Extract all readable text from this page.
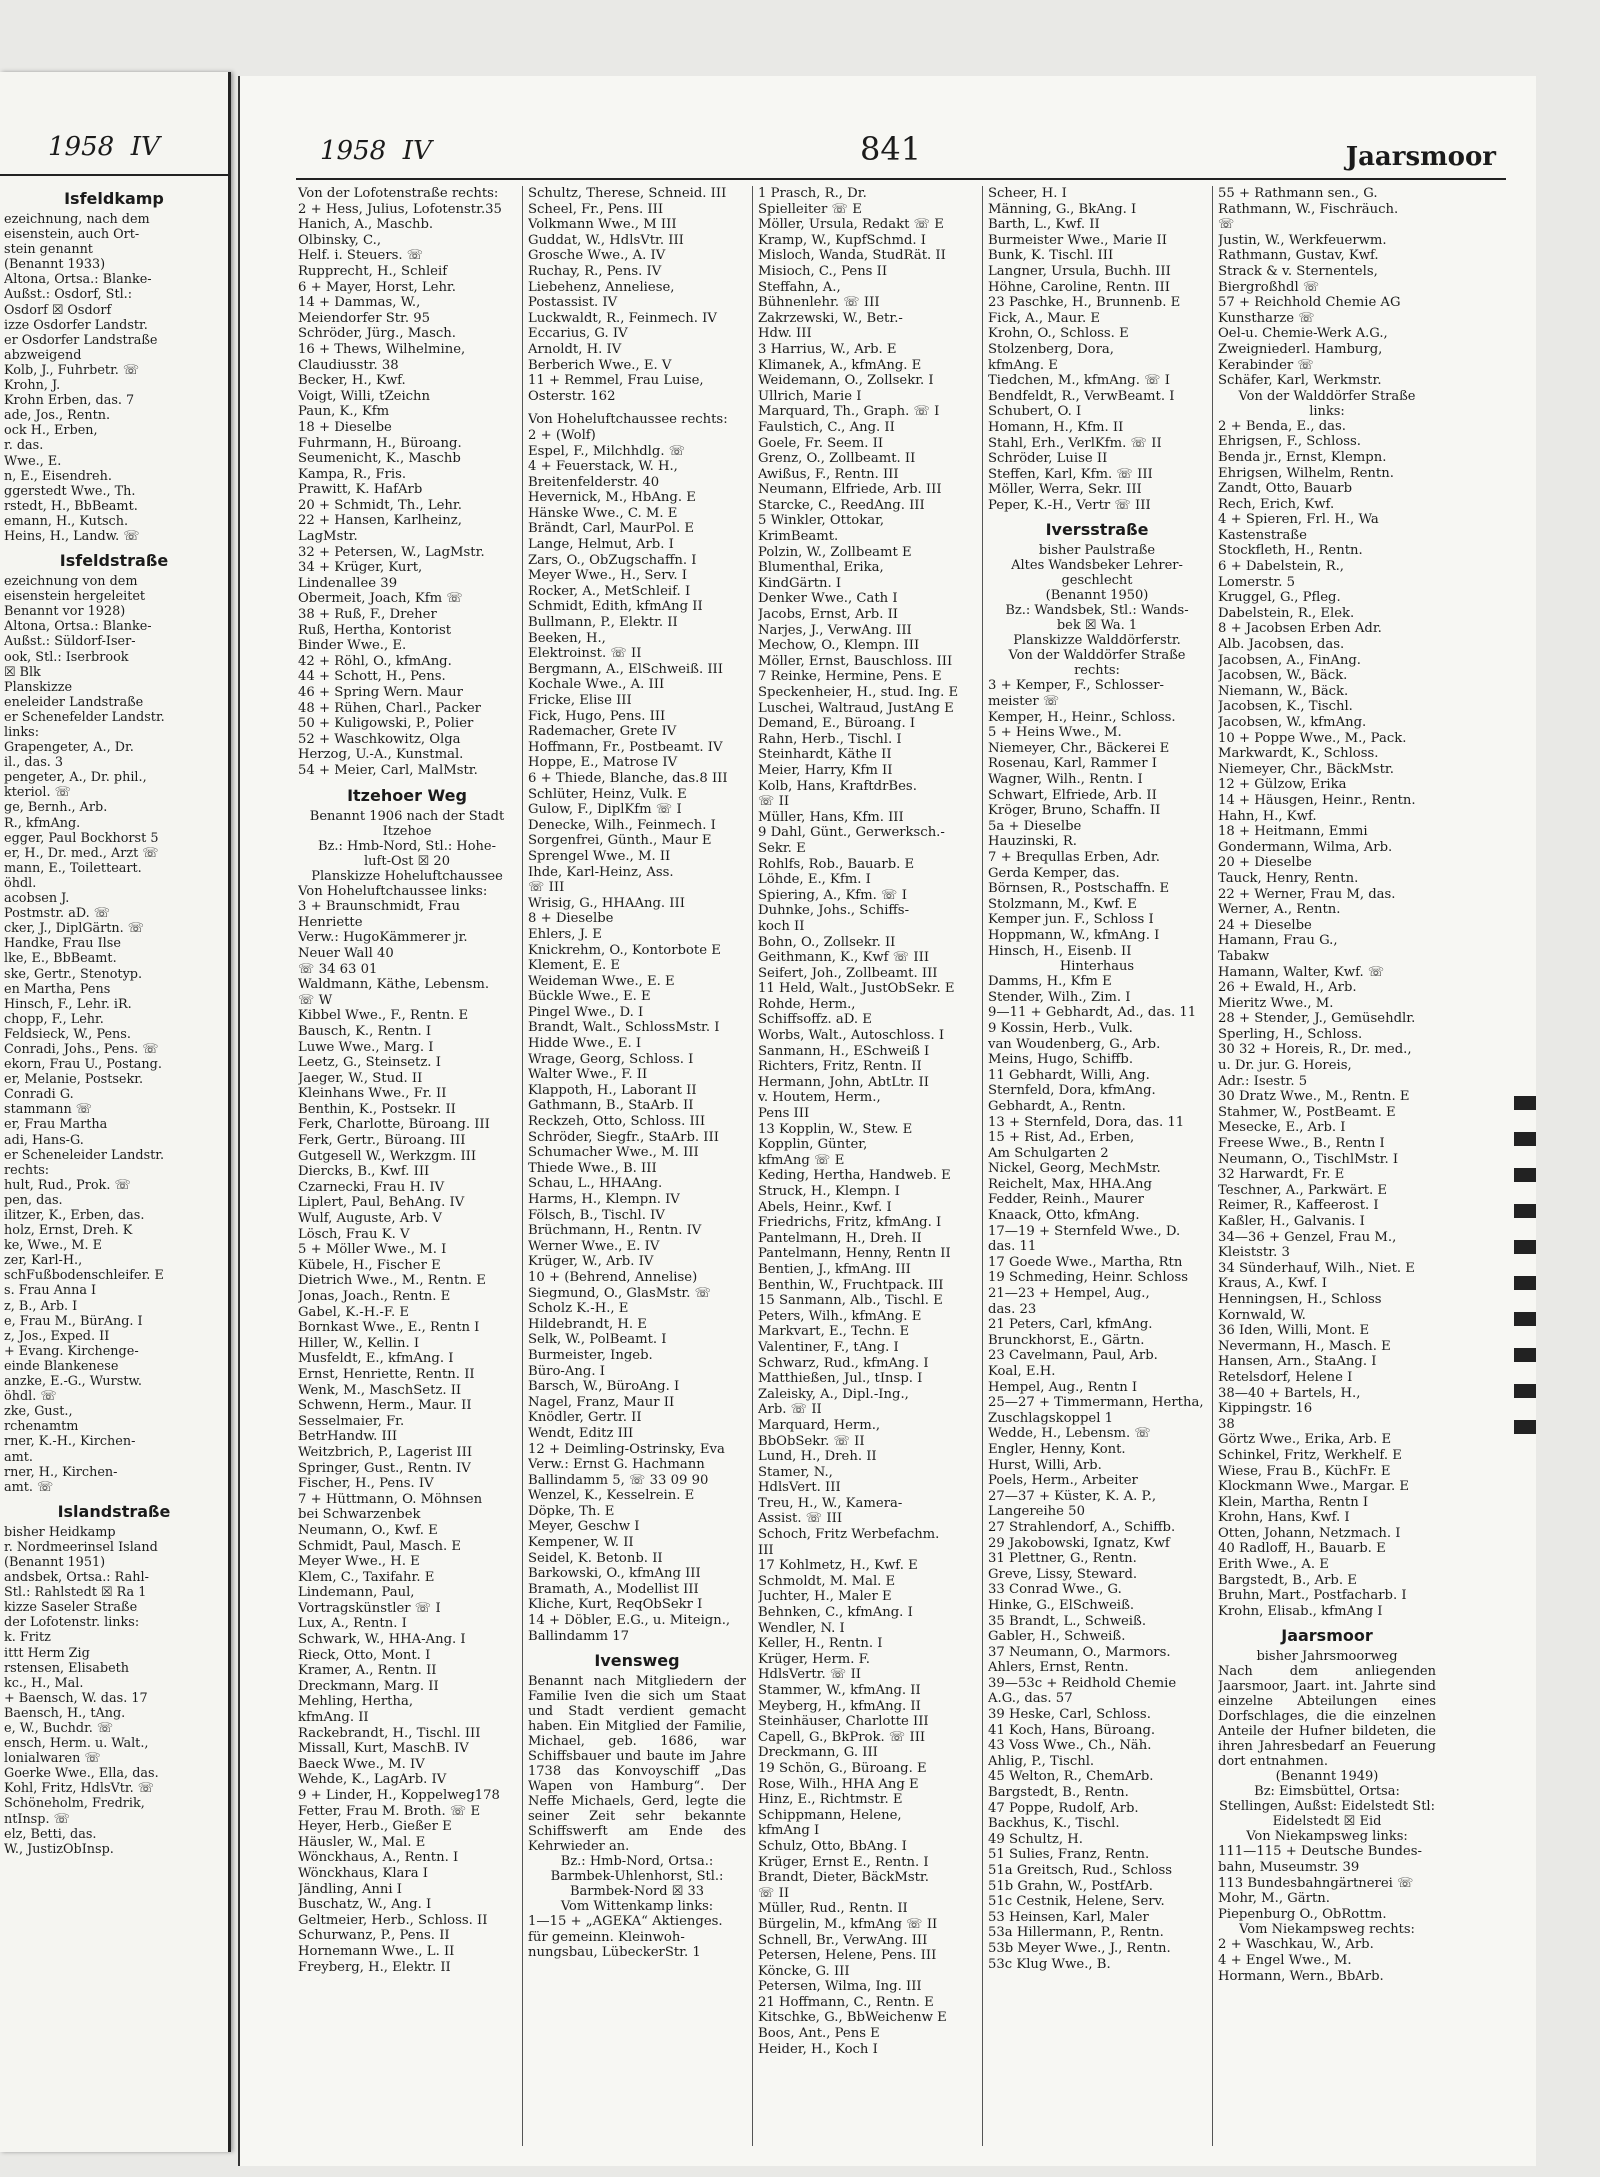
1958 IV
Isfeldkamp
ezeichnung, nach dem
eisenstein, auch Ort-
stein genannt
(Benannt 1933)
Altona, Ortsa.: Blanke-
Außst.: Osdorf, Stl.:
Osdorf ☒ Osdorf
izze Osdorfer Landstr.
er Osdorfer Landstraße
abzweigend
Kolb, J., Fuhrbetr. ☏
Krohn, J.
Krohn Erben, das. 7
ade, Jos., Rentn.
ock H., Erben,
r. das.
Wwe., E.
n, E., Eisendreh.
ggerstedt Wwe., Th.
rstedt, H., BbBeamt.
emann, H., Kutsch.
Heins, H., Landw. ☏
Isfeldstraße
ezeichnung von dem
eisenstein hergeleitet
Benannt vor 1928)
Altona, Ortsa.: Blanke-
Außst.: Süldorf-Iser-
ook, Stl.: Iserbrook
☒ Blk
Planskizze
eneleider Landstraße
er Schenefelder Landstr.
links:
Grapengeter, A., Dr.
il., das. 3
pengeter, A., Dr. phil.,
kteriol. ☏
ge, Bernh., Arb.
R., kfmAng.
egger, Paul Bockhorst 5
er, H., Dr. med., Arzt ☏
mann, E., Toiletteart.
öhdl.
acobsen J.
Postmstr. aD. ☏
cker, J., DiplGärtn. ☏
Handke, Frau Ilse
lke, E., BbBeamt.
ske, Gertr., Stenotyp.
en Martha, Pens
Hinsch, F., Lehr. iR.
chopp, F., Lehr.
Feldsieck, W., Pens.
Conradi, Johs., Pens. ☏
ekorn, Frau U., Postang.
er, Melanie, Postsekr.
Conradi G.
stammann ☏
er, Frau Martha
adi, Hans-G.
er Scheneleider Landstr.
rechts:
hult, Rud., Prok. ☏
pen, das.
ilitzer, K., Erben, das.
holz, Ernst, Dreh. K
ke, Wwe., M. E
zer, Karl-H.,
schFußbodenschleifer. E
s. Frau Anna I
z, B., Arb. I
e, Frau M., BürAng. I
z, Jos., Exped. II
+ Evang. Kirchenge-
einde Blankenese
anzke, E.-G., Wurstw.
öhdl. ☏
zke, Gust.,
rchenamtm
rner, K.-H., Kirchen-
amt.
rner, H., Kirchen-
amt. ☏
Islandstraße
bisher Heidkamp
r. Nordmeerinsel Island
(Benannt 1951)
andsbek, Ortsa.: Rahl-
Stl.: Rahlstedt ☒ Ra 1
kizze Saseler Straße
der Lofotenstr. links:
k. Fritz
ittt Herm Zig
rstensen, Elisabeth
kc., H., Mal.
+ Baensch, W. das. 17
Baensch, H., tAng.
e, W., Buchdr. ☏
ensch, Herm. u. Walt.,
lonialwaren ☏
Goerke Wwe., Ella, das.
Kohl, Fritz, HdlsVtr. ☏
Schöneholm, Fredrik,
ntInsp. ☏
elz, Betti, das.
W., JustizObInsp.
1958 IV	841	Jaarsmoor
Von der Lofotenstraße rechts:
2 + Hess, Julius, Lofotenstr.35
Hanich, A., Maschb.
Olbinsky, C.,
Helf. i. Steuers. ☏
Rupprecht, H., Schleif
6 + Mayer, Horst, Lehr.
14 + Dammas, W.,
Meiendorfer Str. 95
Schröder, Jürg., Masch.
16 + Thews, Wilhelmine,
Claudiusstr. 38
Becker, H., Kwf.
Voigt, Willi, tZeichn
Paun, K., Kfm
18 + Dieselbe
Fuhrmann, H., Büroang.
Seumenicht, K., Maschb
Kampa, R., Fris.
Prawitt, K. HafArb
20 + Schmidt, Th., Lehr.
22 + Hansen, Karlheinz,
LagMstr.
32 + Petersen, W., LagMstr.
34 + Krüger, Kurt,
Lindenallee 39
Obermeit, Joach, Kfm ☏
38 + Ruß, F., Dreher
Ruß, Hertha, Kontorist
Binder Wwe., E.
42 + Röhl, O., kfmAng.
44 + Schott, H., Pens.
46 + Spring Wern. Maur
48 + Rühen, Charl., Packer
50 + Kuligowski, P., Polier
52 + Waschkowitz, Olga
Herzog, U.-A., Kunstmal.
54 + Meier, Carl, MalMstr.
Itzehoer Weg
Benannt 1906 nach der Stadt
Itzehoe
Bz.: Hmb-Nord, Stl.: Hohe-
luft-Ost ☒ 20
Planskizze Hoheluftchaussee
Von Hoheluftchaussee links:
3 + Braunschmidt, Frau
Henriette
Verw.: HugoKämmerer jr.
Neuer Wall 40
☏ 34 63 01
Waldmann, Käthe, Lebensm.
☏ W
Kibbel Wwe., F., Rentn. E
Bausch, K., Rentn. I
Luwe Wwe., Marg. I
Leetz, G., Steinsetz. I
Jaeger, W., Stud. II
Kleinhans Wwe., Fr. II
Benthin, K., Postsekr. II
Ferk, Charlotte, Büroang. III
Ferk, Gertr., Büroang. III
Gutgesell W., Werkzgm. III
Diercks, B., Kwf. III
Czarnecki, Frau H. IV
Liplert, Paul, BehAng. IV
Wulf, Auguste, Arb. V
Lösch, Frau K. V
5 + Möller Wwe., M. I
Kübele, H., Fischer E
Dietrich Wwe., M., Rentn. E
Jonas, Joach., Rentn. E
Gabel, K.-H.-F. E
Bornkast Wwe., E., Rentn I
Hiller, W., Kellin. I
Musfeldt, E., kfmAng. I
Ernst, Henriette, Rentn. II
Wenk, M., MaschSetz. II
Schwenn, Herm., Maur. II
Sesselmaier, Fr.
BetrHandw. III
Weitzbrich, P., Lagerist III
Springer, Gust., Rentn. IV
Fischer, H., Pens. IV
7 + Hüttmann, O. Möhnsen
bei Schwarzenbek
Neumann, O., Kwf. E
Schmidt, Paul, Masch. E
Meyer Wwe., H. E
Klem, C., Taxifahr. E
Lindemann, Paul,
Vortragskünstler ☏ I
Lux, A., Rentn. I
Schwark, W., HHA-Ang. I
Rieck, Otto, Mont. I
Kramer, A., Rentn. II
Dreckmann, Marg. II
Mehling, Hertha,
kfmAng. II
Rackebrandt, H., Tischl. III
Missall, Kurt, MaschB. IV
Baeck Wwe., M. IV
Wehde, K., LagArb. IV
9 + Linder, H., Koppelweg178
Fetter, Frau M. Broth. ☏ E
Heyer, Herb., Gießer E
Häusler, W., Mal. E
Wönckhaus, A., Rentn. I
Wönckhaus, Klara I
Jändling, Anni I
Buschatz, W., Ang. I
Geltmeier, Herb., Schloss. II
Schurwanz, P., Pens. II
Hornemann Wwe., L. II
Freyberg, H., Elektr. II
Schultz, Therese, Schneid. III
Scheel, Fr., Pens. III
Volkmann Wwe., M III
Guddat, W., HdlsVtr. III
Grosche Wwe., A. IV
Ruchay, R., Pens. IV
Liebehenz, Anneliese,
Postassist. IV
Luckwaldt, R., Feinmech. IV
Eccarius, G. IV
Arnoldt, H. IV
Berberich Wwe., E. V
11 + Remmel, Frau Luise,
Osterstr. 162
Von Hoheluftchaussee rechts:
2 + (Wolf)
Espel, F., Milchhdlg. ☏
4 + Feuerstack, W. H.,
Breitenfelderstr. 40
Hevernick, M., HbAng. E
Hänske Wwe., C. M. E
Brändt, Carl, MaurPol. E
Lange, Helmut, Arb. I
Zars, O., ObZugschaffn. I
Meyer Wwe., H., Serv. I
Rocker, A., MetSchleif. I
Schmidt, Edith, kfmAng II
Bullmann, P., Elektr. II
Beeken, H.,
Elektroinst. ☏ II
Bergmann, A., ElSchweiß. III
Kochale Wwe., A. III
Fricke, Elise III
Fick, Hugo, Pens. III
Rademacher, Grete IV
Hoffmann, Fr., Postbeamt. IV
Hoppe, E., Matrose IV
6 + Thiede, Blanche, das.8 III
Schlüter, Heinz, Vulk. E
Gulow, F., DiplKfm ☏ I
Denecke, Wilh., Feinmech. I
Sorgenfrei, Günth., Maur E
Sprengel Wwe., M. II
Ihde, Karl-Heinz, Ass.
☏ III
Wrisig, G., HHAAng. III
8 + Dieselbe
Ehlers, J. E
Knickrehm, O., Kontorbote E
Klement, E. E
Weideman Wwe., E. E
Bückle Wwe., E. E
Pingel Wwe., D. I
Brandt, Walt., SchlossMstr. I
Hidde Wwe., E. I
Wrage, Georg, Schloss. I
Walter Wwe., F. II
Klappoth, H., Laborant II
Gathmann, B., StaArb. II
Reckzeh, Otto, Schloss. III
Schröder, Siegfr., StaArb. III
Schumacher Wwe., M. III
Thiede Wwe., B. III
Schau, L., HHAAng.
Harms, H., Klempn. IV
Fölsch, B., Tischl. IV
Brüchmann, H., Rentn. IV
Werner Wwe., E. IV
Krüger, W., Arb. IV
10 + (Behrend, Annelise)
Siegmund, O., GlasMstr. ☏
Scholz K.-H., E
Hildebrandt, H. E
Selk, W., PolBeamt. I
Burmeister, Ingeb.
Büro-Ang. I
Barsch, W., BüroAng. I
Nagel, Franz, Maur II
Knödler, Gertr. II
Wendt, Editz III
12 + Deimling-Ostrinsky, Eva
Verw.: Ernst G. Hachmann
Ballindamm 5, ☏ 33 09 90
Wenzel, K., Kesselrein. E
Döpke, Th. E
Meyer, Geschw I
Kempener, W. II
Seidel, K. Betonb. II
Barkowski, O., kfmAng III
Bramath, A., Modellist III
Kliche, Kurt, ReqObSekr I
14 + Döbler, E.G., u. Miteign.,
Ballindamm 17
Ivensweg
Benannt nach Mitgliedern der Familie Iven die sich um Staat und Stadt verdient gemacht haben. Ein Mitglied der Familie, Michael, geb. 1686, war Schiffsbauer und baute im Jahre 1738 das Konvoyschiff „Das Wapen von Hamburg“. Der Neffe Michaels, Gerd, legte die seiner Zeit sehr bekannte Schiffswerft am Ende des Kehrwieder an.
Bz.: Hmb-Nord, Ortsa.: Barmbek-Uhlenhorst, Stl.: Barmbek-Nord ☒ 33
Vom Wittenkamp links:
1—15 + „AGEKA“ Aktienges.
für gemeinn. Kleinwoh-
nungsbau, LübeckerStr. 1
1 Prasch, R., Dr.
Spielleiter ☏ E
Möller, Ursula, Redakt ☏ E
Kramp, W., KupfSchmd. I
Misloch, Wanda, StudRät. II
Misioch, C., Pens II
Steffahn, A.,
Bühnenlehr. ☏ III
Zakrzewski, W., Betr.-
Hdw. III
3 Harrius, W., Arb. E
Klimanek, A., kfmAng. E
Weidemann, O., Zollsekr. I
Ullrich, Marie I
Marquard, Th., Graph. ☏ I
Faulstich, C., Ang. II
Goele, Fr. Seem. II
Grenz, O., Zollbeamt. II
Awißus, F., Rentn. III
Neumann, Elfriede, Arb. III
Starcke, C., ReedAng. III
5 Winkler, Ottokar,
KrimBeamt.
Polzin, W., Zollbeamt E
Blumenthal, Erika,
KindGärtn. I
Denker Wwe., Cath I
Jacobs, Ernst, Arb. II
Narjes, J., VerwAng. III
Mechow, O., Klempn. III
Möller, Ernst, Bauschloss. III
7 Reinke, Hermine, Pens. E
Speckenheier, H., stud. Ing. E
Luschei, Waltraud, JustAng E
Demand, E., Büroang. I
Rahn, Herb., Tischl. I
Steinhardt, Käthe II
Meier, Harry, Kfm II
Kolb, Hans, KraftdrBes.
☏ II
Müller, Hans, Kfm. III
9 Dahl, Günt., Gerwerksch.-
Sekr. E
Rohlfs, Rob., Bauarb. E
Löhde, E., Kfm. I
Spiering, A., Kfm. ☏ I
Duhnke, Johs., Schiffs-
koch II
Bohn, O., Zollsekr. II
Geithmann, K., Kwf ☏ III
Seifert, Joh., Zollbeamt. III
11 Held, Walt., JustObSekr. E
Rohde, Herm.,
Schiffsoffz. aD. E
Worbs, Walt., Autoschloss. I
Sanmann, H., ESchweiß I
Richters, Fritz, Rentn. II
Hermann, John, AbtLtr. II
v. Houtem, Herm.,
Pens III
13 Kopplin, W., Stew. E
Kopplin, Günter,
kfmAng ☏ E
Keding, Hertha, Handweb. E
Struck, H., Klempn. I
Abels, Heinr., Kwf. I
Friedrichs, Fritz, kfmAng. I
Pantelmann, H., Dreh. II
Pantelmann, Henny, Rentn II
Bentien, J., kfmAng. III
Benthin, W., Fruchtpack. III
15 Sanmann, Alb., Tischl. E
Peters, Wilh., kfmAng. E
Markvart, E., Techn. E
Valentiner, F., tAng. I
Schwarz, Rud., kfmAng. I
Matthießen, Jul., tInsp. I
Zaleisky, A., Dipl.-Ing.,
Arb. ☏ II
Marquard, Herm.,
BbObSekr. ☏ II
Lund, H., Dreh. II
Stamer, N.,
HdlsVert. III
Treu, H., W., Kamera-
Assist. ☏ III
Schoch, Fritz Werbefachm.
III
17 Kohlmetz, H., Kwf. E
Schmoldt, M. Mal. E
Juchter, H., Maler E
Behnken, C., kfmAng. I
Wendler, N. I
Keller, H., Rentn. I
Krüger, Herm. F.
HdlsVertr. ☏ II
Stammer, W., kfmAng. II
Meyberg, H., kfmAng. II
Steinhäuser, Charlotte III
Capell, G., BkProk. ☏ III
Dreckmann, G. III
19 Schön, G., Büroang. E
Rose, Wilh., HHA Ang E
Hinz, E., Richtmstr. E
Schippmann, Helene,
kfmAng I
Schulz, Otto, BbAng. I
Krüger, Ernst E., Rentn. I
Brandt, Dieter, BäckMstr.
☏ II
Müller, Rud., Rentn. II
Bürgelin, M., kfmAng ☏ II
Schnell, Br., VerwAng. III
Petersen, Helene, Pens. III
Köncke, G. III
Petersen, Wilma, Ing. III
21 Hoffmann, C., Rentn. E
Kitschke, G., BbWeichenw E
Boos, Ant., Pens E
Heider, H., Koch I
Scheer, H. I
Männing, G., BkAng. I
Barth, L., Kwf. II
Burmeister Wwe., Marie II
Bunk, K. Tischl. III
Langner, Ursula, Buchh. III
Höhne, Caroline, Rentn. III
23 Paschke, H., Brunnenb. E
Fick, A., Maur. E
Krohn, O., Schloss. E
Stolzenberg, Dora,
kfmAng. E
Tiedchen, M., kfmAng. ☏ I
Bendfeldt, R., VerwBeamt. I
Schubert, O. I
Homann, H., Kfm. II
Stahl, Erh., VerlKfm. ☏ II
Schröder, Luise II
Steffen, Karl, Kfm. ☏ III
Möller, Werra, Sekr. III
Peper, K.-H., Vertr ☏ III
Iversstraße
bisher Paulstraße
Altes Wandsbeker Lehrer-
geschlecht
(Benannt 1950)
Bz.: Wandsbek, Stl.: Wands-
bek ☒ Wa. 1
Planskizze Walddörferstr.
Von der Walddörfer Straße
rechts:
3 + Kemper, F., Schlosser-
meister ☏
Kemper, H., Heinr., Schloss.
5 + Heins Wwe., M.
Niemeyer, Chr., Bäckerei E
Rosenau, Karl, Rammer I
Wagner, Wilh., Rentn. I
Schwart, Elfriede, Arb. II
Kröger, Bruno, Schaffn. II
5a + Dieselbe
Hauzinski, R.
7 + Brequllas Erben, Adr.
Gerda Kemper, das.
Börnsen, R., Postschaffn. E
Stolzmann, M., Kwf. E
Kemper jun. F., Schloss I
Hoppmann, W., kfmAng. I
Hinsch, H., Eisenb. II
Hinterhaus
Damms, H., Kfm E
Stender, Wilh., Zim. I
9—11 + Gebhardt, Ad., das. 11
9 Kossin, Herb., Vulk.
van Woudenberg, G., Arb.
Meins, Hugo, Schiffb.
11 Gebhardt, Willi, Ang.
Sternfeld, Dora, kfmAng.
Gebhardt, A., Rentn.
13 + Sternfeld, Dora, das. 11
15 + Rist, Ad., Erben,
Am Schulgarten 2
Nickel, Georg, MechMstr.
Reichelt, Max, HHA.Ang
Fedder, Reinh., Maurer
Knaack, Otto, kfmAng.
17—19 + Sternfeld Wwe., D.
das. 11
17 Goede Wwe., Martha, Rtn
19 Schmeding, Heinr. Schloss
21—23 + Hempel, Aug.,
das. 23
21 Peters, Carl, kfmAng.
Brunckhorst, E., Gärtn.
23 Cavelmann, Paul, Arb.
Koal, E.H.
Hempel, Aug., Rentn I
25—27 + Timmermann, Hertha,
Zuschlagskoppel 1
Wedde, H., Lebensm. ☏
Engler, Henny, Kont.
Hurst, Willi, Arb.
Poels, Herm., Arbeiter
27—37 + Küster, K. A. P.,
Langereihe 50
27 Strahlendorf, A., Schiffb.
29 Jakobowski, Ignatz, Kwf
31 Plettner, G., Rentn.
Greve, Lissy, Steward.
33 Conrad Wwe., G.
Hinke, G., ElSchweiß.
35 Brandt, L., Schweiß.
Gabler, H., Schweiß.
37 Neumann, O., Marmors.
Ahlers, Ernst, Rentn.
39—53c + Reidhold Chemie
A.G., das. 57
39 Heske, Carl, Schloss.
41 Koch, Hans, Büroang.
43 Voss Wwe., Ch., Näh.
Ahlig, P., Tischl.
45 Welton, R., ChemArb.
Bargstedt, B., Rentn.
47 Poppe, Rudolf, Arb.
Backhus, K., Tischl.
49 Schultz, H.
51 Sulies, Franz, Rentn.
51a Greitsch, Rud., Schloss
51b Grahn, W., PostfArb.
51c Cestnik, Helene, Serv.
53 Heinsen, Karl, Maler
53a Hillermann, P., Rentn.
53b Meyer Wwe., J., Rentn.
53c Klug Wwe., B.
55 + Rathmann sen., G.
Rathmann, W., Fischräuch.
☏
Justin, W., Werkfeuerwm.
Rathmann, Gustav, Kwf.
Strack & v. Sternentels,
Biergroßhdl ☏
57 + Reichhold Chemie AG
Kunstharze ☏
Oel-u. Chemie-Werk A.G.,
Zweigniederl. Hamburg,
Kerabinder ☏
Schäfer, Karl, Werkmstr.
Von der Walddörfer Straße
links:
2 + Benda, E., das.
Ehrigsen, F., Schloss.
Benda jr., Ernst, Klempn.
Ehrigsen, Wilhelm, Rentn.
Zandt, Otto, Bauarb
Rech, Erich, Kwf.
4 + Spieren, Frl. H., Wa
Kastenstraße
Stockfleth, H., Rentn.
6 + Dabelstein, R.,
Lomerstr. 5
Kruggel, G., Pfleg.
Dabelstein, R., Elek.
8 + Jacobsen Erben Adr.
Alb. Jacobsen, das.
Jacobsen, A., FinAng.
Jacobsen, W., Bäck.
Niemann, W., Bäck.
Jacobsen, K., Tischl.
Jacobsen, W., kfmAng.
10 + Poppe Wwe., M., Pack.
Markwardt, K., Schloss.
Niemeyer, Chr., BäckMstr.
12 + Gülzow, Erika
14 + Häusgen, Heinr., Rentn.
Hahn, H., Kwf.
18 + Heitmann, Emmi
Gondermann, Wilma, Arb.
20 + Dieselbe
Tauck, Henry, Rentn.
22 + Werner, Frau M, das.
Werner, A., Rentn.
24 + Dieselbe
Hamann, Frau G.,
Tabakw
Hamann, Walter, Kwf. ☏
26 + Ewald, H., Arb.
Mieritz Wwe., M.
28 + Stender, J., Gemüsehdlr.
Sperling, H., Schloss.
30 32 + Horeis, R., Dr. med.,
u. Dr. jur. G. Horeis,
Adr.: Isestr. 5
30 Dratz Wwe., M., Rentn. E
Stahmer, W., PostBeamt. E
Mesecke, E., Arb. I
Freese Wwe., B., Rentn I
Neumann, O., TischlMstr. I
32 Harwardt, Fr. E
Teschner, A., Parkwärt. E
Reimer, R., Kaffeerost. I
Kaßler, H., Galvanis. I
34—36 + Genzel, Frau M.,
Kleiststr. 3
34 Sünderhauf, Wilh., Niet. E
Kraus, A., Kwf. I
Henningsen, H., Schloss
Kornwald, W.
36 Iden, Willi, Mont. E
Nevermann, H., Masch. E
Hansen, Arn., StaAng. I
Retelsdorf, Helene I
38—40 + Bartels, H.,
Kippingstr. 16
38
Görtz Wwe., Erika, Arb. E
Schinkel, Fritz, Werkhelf. E
Wiese, Frau B., KüchFr. E
Klockmann Wwe., Margar. E
Klein, Martha, Rentn I
Krohn, Hans, Kwf. I
Otten, Johann, Netzmach. I
40 Radloff, H., Bauarb. E
Erith Wwe., A. E
Bargstedt, B., Arb. E
Bruhn, Mart., Postfacharb. I
Krohn, Elisab., kfmAng I
Jaarsmoor
bisher Jahrsmoorweg
Nach dem anliegenden Jaarsmoor, Jaart. int. Jahrte sind einzelne Abteilungen eines Dorfschlages, die die einzelnen Anteile der Hufner bildeten, die ihren Jahresbedarf an Feuerung dort entnahmen.
(Benannt 1949)
Bz: Eimsbüttel, Ortsa: Stellingen, Außst: Eidelstedt Stl: Eidelstedt ☒ Eid
Von Niekampsweg links:
111—115 + Deutsche Bundes-
bahn, Museumstr. 39
113 Bundesbahngärtnerei ☏
Mohr, M., Gärtn.
Piepenburg O., ObRottm.
Vom Niekampsweg rechts:
2 + Waschkau, W., Arb.
4 + Engel Wwe., M.
Hormann, Wern., BbArb.
